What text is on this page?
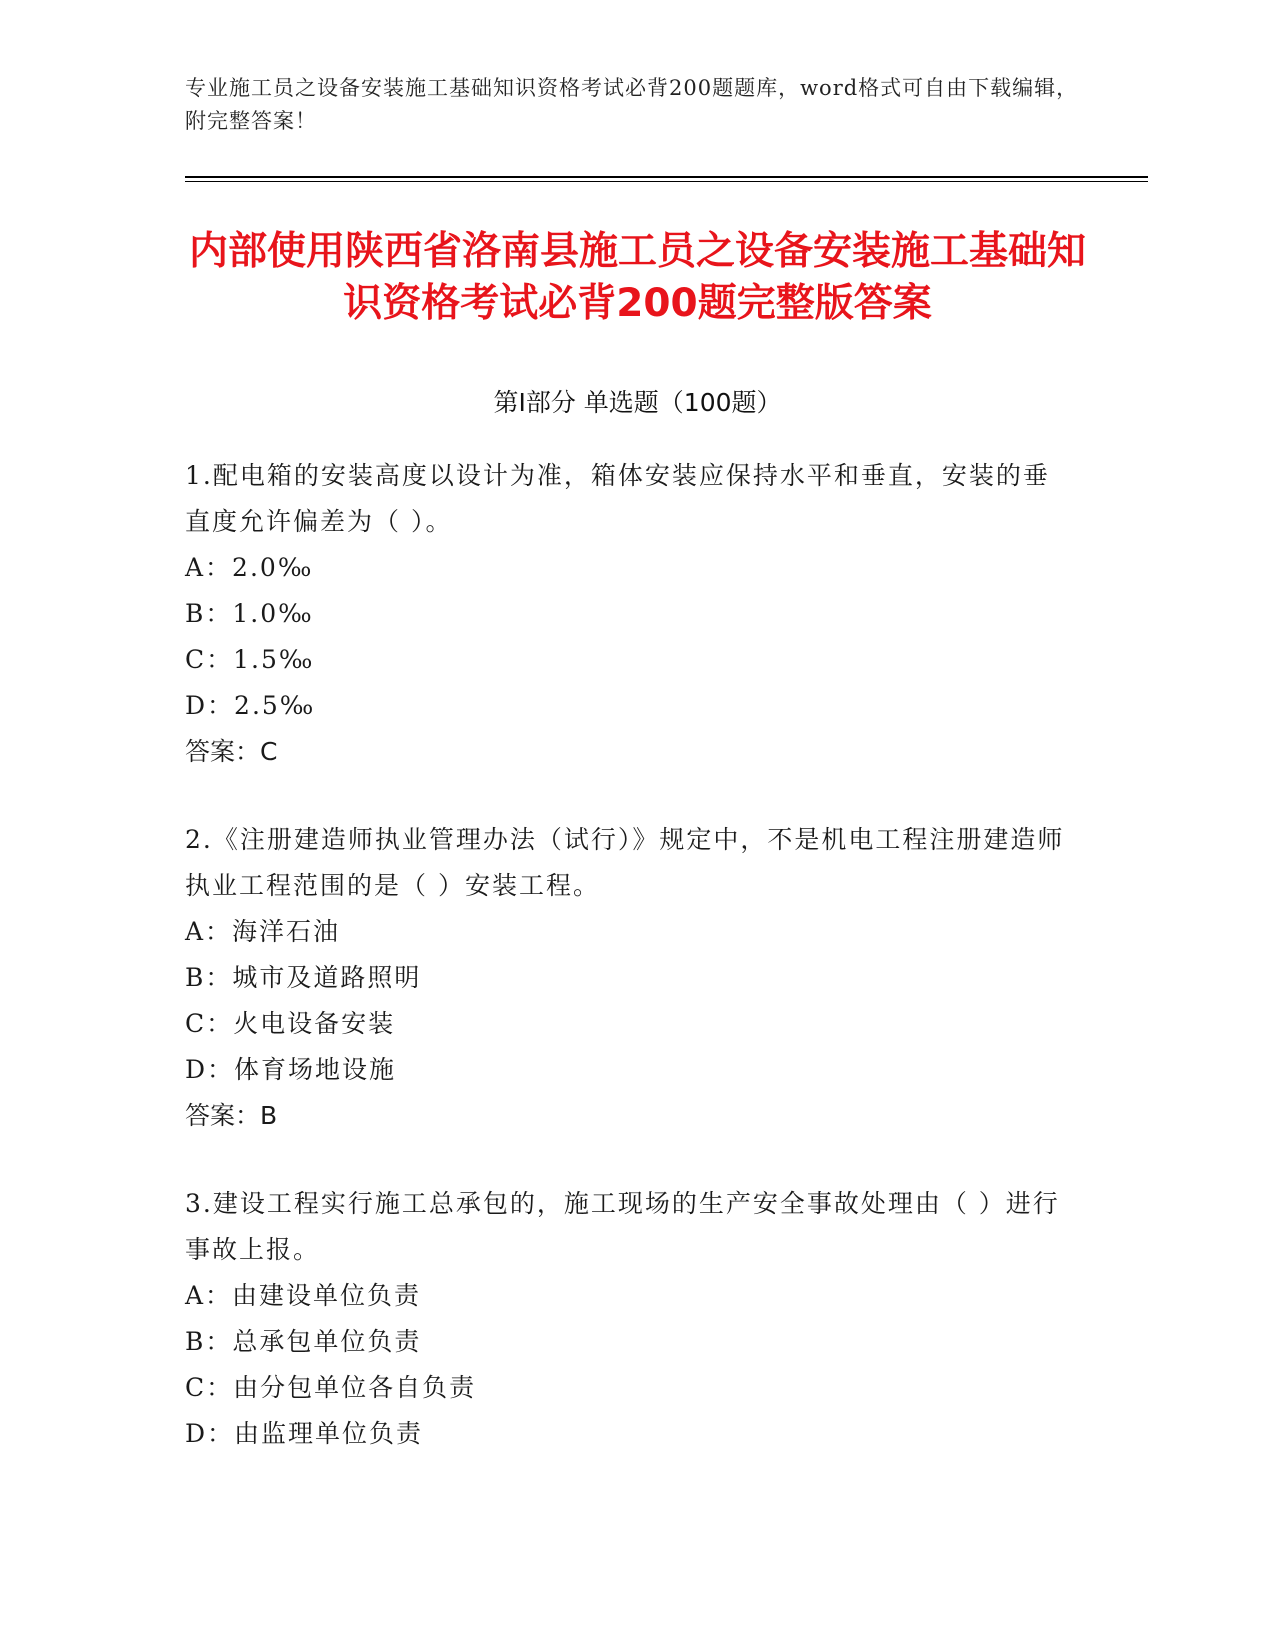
专业施工员之设备安装施工基础知识资格考试必背200题题库，word格式可自由下载编辑，附完整答案！
内部使用陕西省洛南县施工员之设备安装施工基础知识资格考试必背200题完整版答案
第Ⅰ部分 单选题（100题）

1.配电箱的安装高度以设计为准，箱体安装应保持水平和垂直，安装的垂直度允许偏差为（ ）。

A：2.0‰

B：1.0‰

C：1.5‰

D：2.5‰

答案：C

2.《注册建造师执业管理办法（试行）》规定中，不是机电工程注册建造师执业工程范围的是（ ）安装工程。

A：海洋石油

B：城市及道路照明

C：火电设备安装

D：体育场地设施

答案：B

3.建设工程实行施工总承包的，施工现场的生产安全事故处理由（ ）进行事故上报。

A：由建设单位负责

B：总承包单位负责

C：由分包单位各自负责

D：由监理单位负责
